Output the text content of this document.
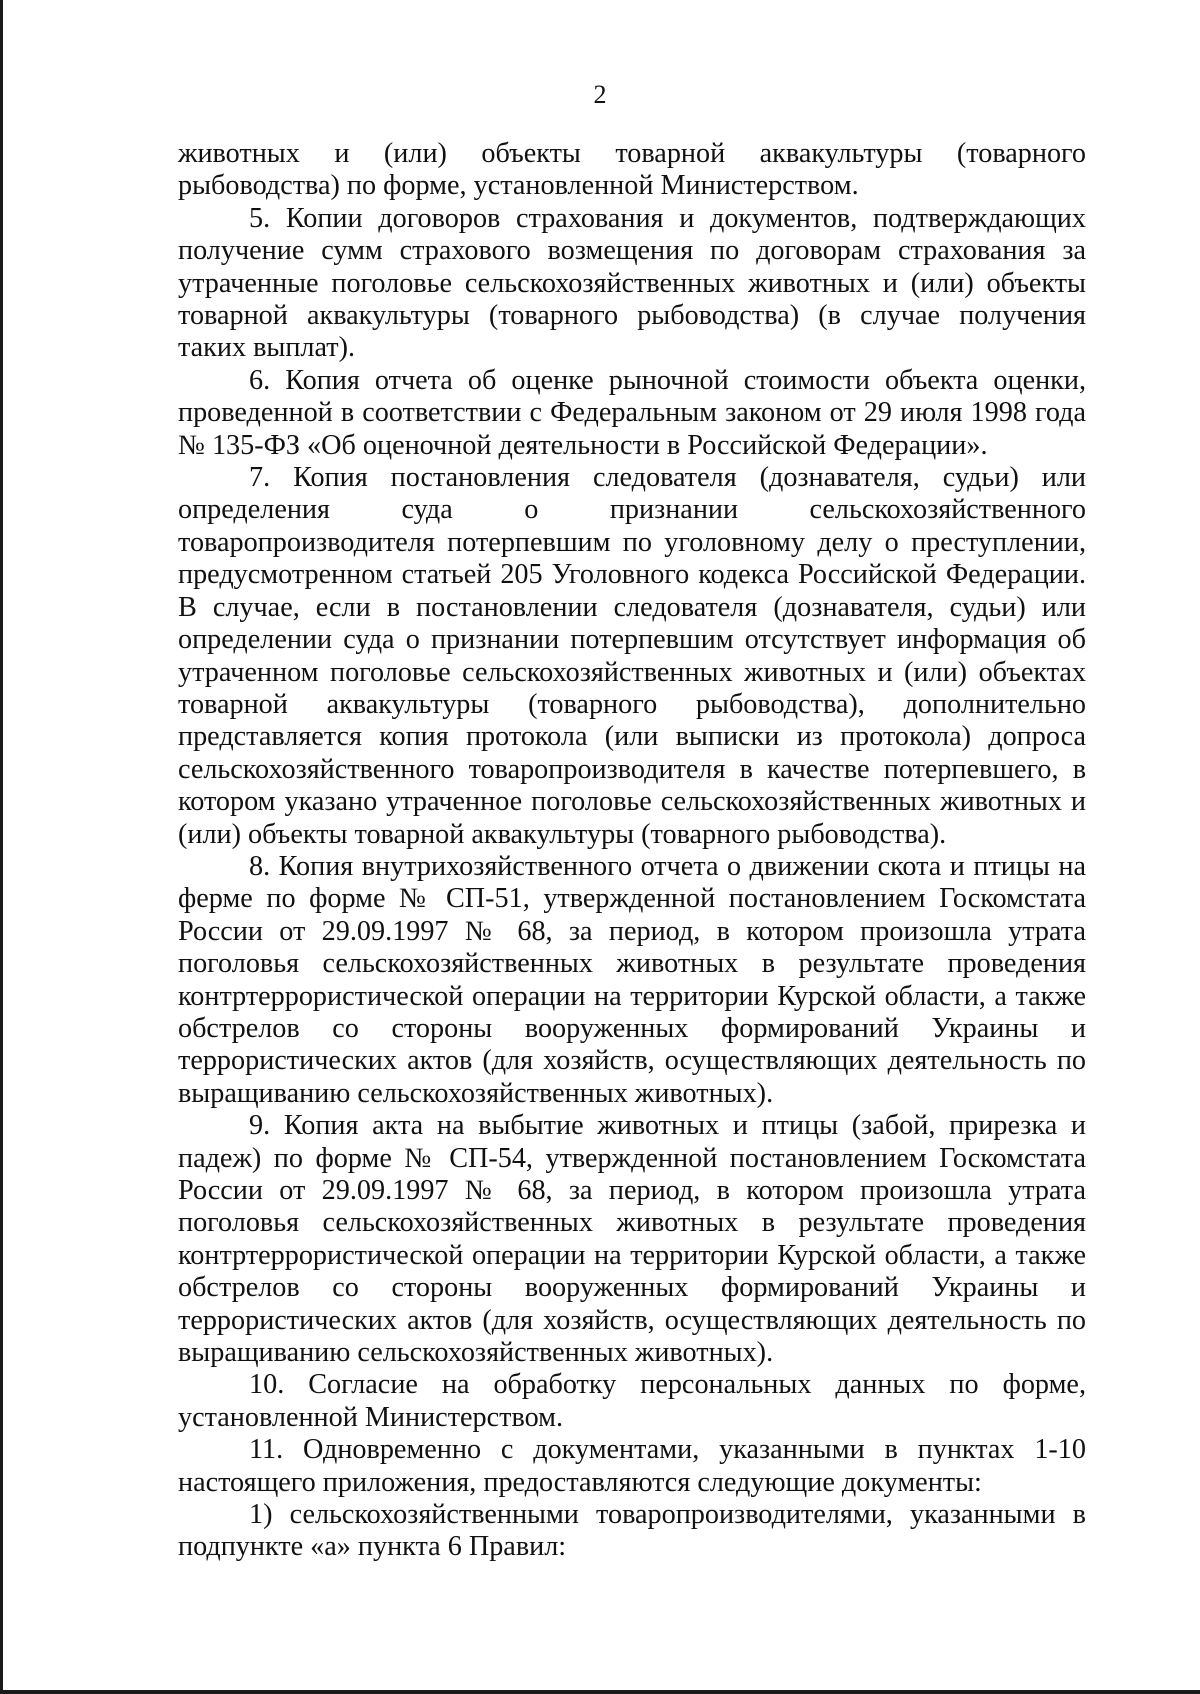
2

животных и (или) объекты товарной аквакультуры (товарного рыбоводства) по форме, установленной Министерством.

5. Копии договоров страхования и документов, подтверждающих получение сумм страхового возмещения по договорам страхования за утраченные поголовье сельскохозяйственных животных и (или) объекты товарной аквакультуры (товарного рыбоводства) (в случае получения таких выплат).

6. Копия отчета об оценке рыночной стоимости объекта оценки, проведенной в соответствии с Федеральным законом от 29 июля 1998 года № 135-ФЗ «Об оценочной деятельности в Российской Федерации».

7. Копия постановления следователя (дознавателя, судьи) или определения суда о признании сельскохозяйственного товаропроизводителя потерпевшим по уголовному делу о преступлении, предусмотренном статьей 205 Уголовного кодекса Российской Федерации. В случае, если в постановлении следователя (дознавателя, судьи) или определении суда о признании потерпевшим отсутствует информация об утраченном поголовье сельскохозяйственных животных и (или) объектах товарной аквакультуры (товарного рыбоводства), дополнительно представляется копия протокола (или выписки из протокола) допроса сельскохозяйственного товаропроизводителя в качестве потерпевшего, в котором указано утраченное поголовье сельскохозяйственных животных и (или) объекты товарной аквакультуры (товарного рыбоводства).

8. Копия внутрихозяйственного отчета о движении скота и птицы на ферме по форме № СП-51, утвержденной постановлением Госкомстата России от 29.09.1997 № 68, за период, в котором произошла утрата поголовья сельскохозяйственных животных в результате проведения контртеррористической операции на территории Курской области, а также обстрелов со стороны вооруженных формирований Украины и террористических актов (для хозяйств, осуществляющих деятельность по выращиванию сельскохозяйственных животных).

9. Копия акта на выбытие животных и птицы (забой, прирезка и падеж) по форме № СП-54, утвержденной постановлением Госкомстата России от 29.09.1997 № 68, за период, в котором произошла утрата поголовья сельскохозяйственных животных в результате проведения контртеррористической операции на территории Курской области, а также обстрелов со стороны вооруженных формирований Украины и террористических актов (для хозяйств, осуществляющих деятельность по выращиванию сельскохозяйственных животных).

10. Согласие на обработку персональных данных по форме, установленной Министерством.

11. Одновременно с документами, указанными в пунктах 1-10 настоящего приложения, предоставляются следующие документы:

1) сельскохозяйственными товаропроизводителями, указанными в подпункте «а» пункта 6 Правил:
